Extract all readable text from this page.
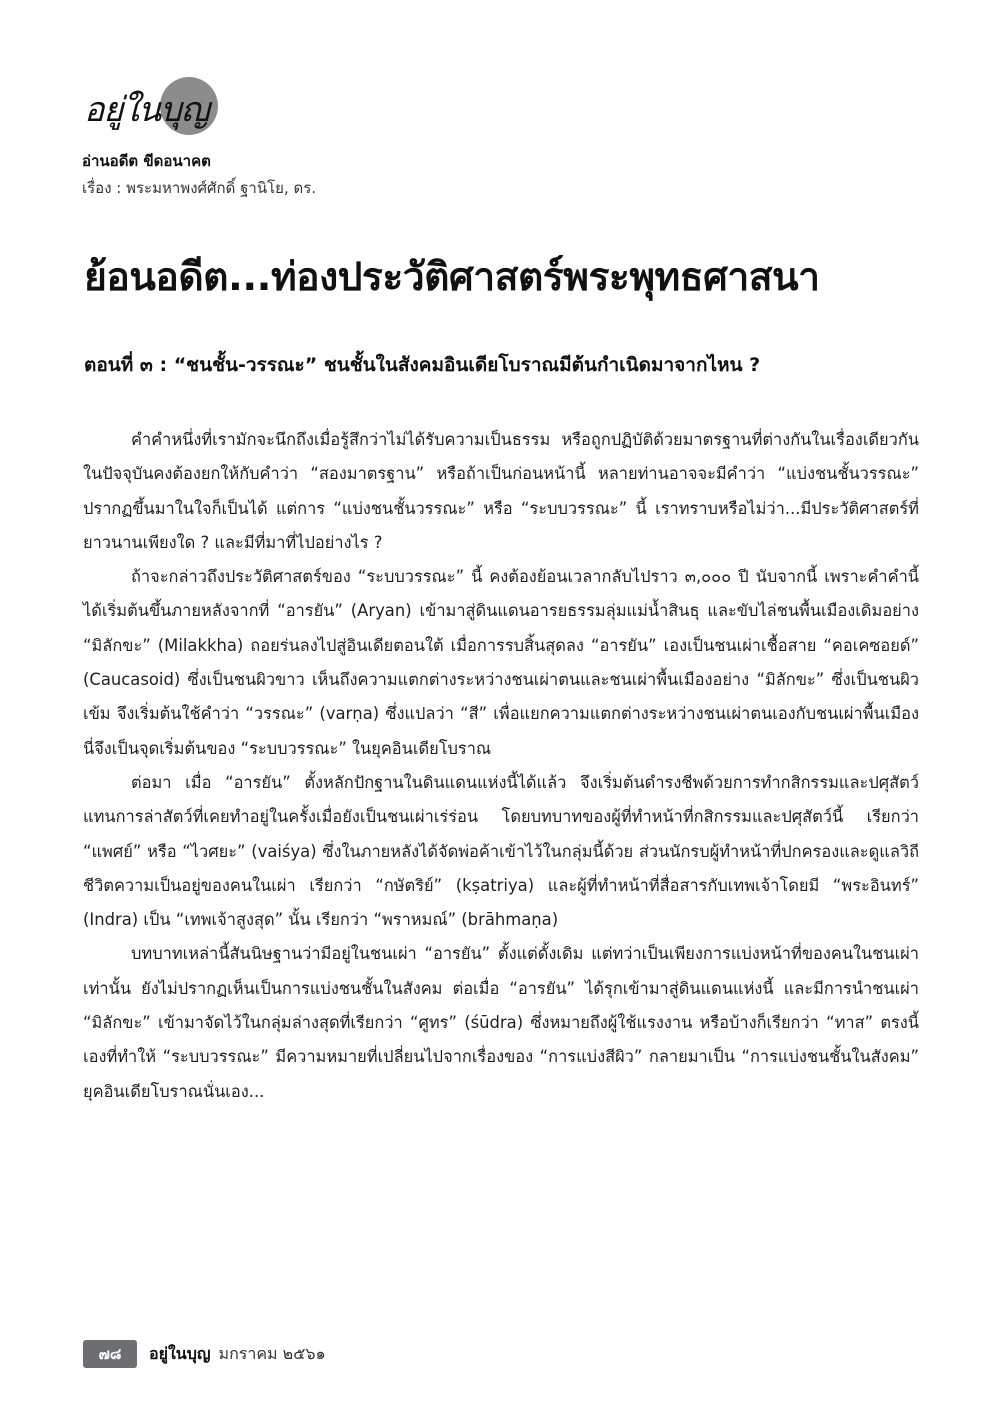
อยู่ในบุญ
อ่านอดีต ขีดอนาคต
เรื่อง : พระมหาพงศ์ศักดิ์ ฐานิโย, ดร.
ย้อนอดีต...ท่องประวัติศาสตร์พระพุทธศาสนา
ตอนที่ ๓ : “ชนชั้น-วรรณะ” ชนชั้นในสังคมอินเดียโบราณมีต้นกำเนิดมาจากไหน ?

คำคำหนึ่งที่เรามักจะนึกถึงเมื่อรู้สึกว่าไม่ได้รับความเป็นธรรม หรือถูกปฏิบัติด้วยมาตรฐานที่ต่างกันในเรื่องเดียวกัน ในปัจจุบันคงต้องยกให้กับคำว่า “สองมาตรฐาน” หรือถ้าเป็นก่อนหน้านี้ หลายท่านอาจจะมีคำว่า “แบ่งชนชั้นวรรณะ” ปรากฏขึ้นมาในใจก็เป็นได้ แต่การ “แบ่งชนชั้นวรรณะ” หรือ “ระบบวรรณะ” นี้ เราทราบหรือไม่ว่า...มีประวัติศาสตร์ที่ยาวนานเพียงใด ? และมีที่มาที่ไปอย่างไร ?

ถ้าจะกล่าวถึงประวัติศาสตร์ของ “ระบบวรรณะ” นี้ คงต้องย้อนเวลากลับไปราว ๓,๐๐๐ ปี นับจากนี้ เพราะคำคำนี้ได้เริ่มต้นขึ้นภายหลังจากที่ “อารยัน” (Aryan) เข้ามาสู่ดินแดนอารยธรรมลุ่มแม่น้ำสินธุ และขับไล่ชนพื้นเมืองเดิมอย่าง “มิลักขะ” (Milakkha) ถอยร่นลงไปสู่อินเดียตอนใต้ เมื่อการรบสิ้นสุดลง “อารยัน” เองเป็นชนเผ่าเชื้อสาย “คอเคซอยด์” (Caucasoid) ซึ่งเป็นชนผิวขาว เห็นถึงความแตกต่างระหว่างชนเผ่าตนและชนเผ่าพื้นเมืองอย่าง “มิลักขะ” ซึ่งเป็นชนผิวเข้ม จึงเริ่มต้นใช้คำว่า “วรรณะ” (varṇa) ซึ่งแปลว่า “สี” เพื่อแยกความแตกต่างระหว่างชนเผ่าตนเองกับชนเผ่าพื้นเมือง นี่จึงเป็นจุดเริ่มต้นของ “ระบบวรรณะ” ในยุคอินเดียโบราณ

ต่อมา เมื่อ “อารยัน” ตั้งหลักปักฐานในดินแดนแห่งนี้ได้แล้ว จึงเริ่มต้นดำรงชีพด้วยการทำกสิกรรมและปศุสัตว์ แทนการล่าสัตว์ที่เคยทำอยู่ในครั้งเมื่อยังเป็นชนเผ่าเร่ร่อน โดยบทบาทของผู้ที่ทำหน้าที่กสิกรรมและปศุสัตว์นี้ เรียกว่า “แพศย์” หรือ “ไวศยะ” (vaiśya) ซึ่งในภายหลังได้จัดพ่อค้าเข้าไว้ในกลุ่มนี้ด้วย ส่วนนักรบผู้ทำหน้าที่ปกครองและดูแลวิถีชีวิตความเป็นอยู่ของคนในเผ่า เรียกว่า “กษัตริย์” (kṣatriya) และผู้ที่ทำหน้าที่สื่อสารกับเทพเจ้าโดยมี “พระอินทร์” (Indra) เป็น “เทพเจ้าสูงสุด” นั้น เรียกว่า “พราหมณ์” (brāhmaṇa)

บทบาทเหล่านี้สันนิษฐานว่ามีอยู่ในชนเผ่า “อารยัน” ตั้งแต่ดั้งเดิม แต่ทว่าเป็นเพียงการแบ่งหน้าที่ของคนในชนเผ่าเท่านั้น ยังไม่ปรากฏเห็นเป็นการแบ่งชนชั้นในสังคม ต่อเมื่อ “อารยัน” ได้รุกเข้ามาสู่ดินแดนแห่งนี้ และมีการนำชนเผ่า “มิลักขะ” เข้ามาจัดไว้ในกลุ่มล่างสุดที่เรียกว่า “ศูทร” (śūdra) ซึ่งหมายถึงผู้ใช้แรงงาน หรือบ้างก็เรียกว่า “ทาส” ตรงนี้เองที่ทำให้ “ระบบวรรณะ” มีความหมายที่เปลี่ยนไปจากเรื่องของ “การแบ่งสีผิว” กลายมาเป็น “การแบ่งชนชั้นในสังคม” ยุคอินเดียโบราณนั่นเอง...

๗๘	อยู่ในบุญ มกราคม ๒๕๖๑
